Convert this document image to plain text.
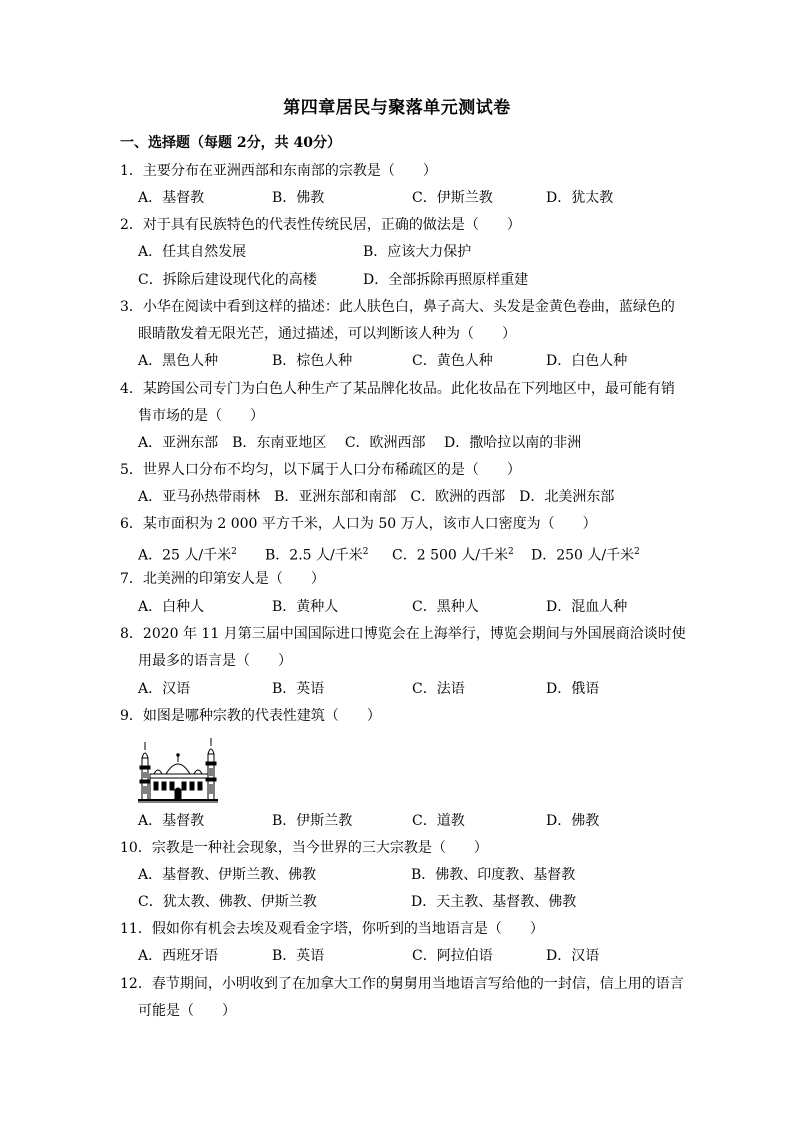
第四章居民与聚落单元测试卷
一、选择题（每题 2分，共 40分）
1．主要分布在亚洲西部和东南部的宗教是（　　）
A．基督教	B．佛教	C．伊斯兰教	D．犹太教
2．对于具有民族特色的代表性传统民居，正确的做法是（　　）
A．任其自然发展	B．应该大力保护
C．拆除后建设现代化的高楼	D．全部拆除再照原样重建
3．小华在阅读中看到这样的描述：此人肤色白，鼻子高大、头发是金黄色卷曲，蓝绿色的
眼睛散发着无限光芒，通过描述，可以判断该人种为（　　）
A．黑色人种	B．棕色人种	C．黄色人种	D．白色人种
4．某跨国公司专门为白色人种生产了某品牌化妆品。此化妆品在下列地区中，最可能有销
售市场的是（　　）
A．亚洲东部　B．东南亚地区　 C．欧洲西部　 D．撒哈拉以南的非洲
5．世界人口分布不均匀，以下属于人口分布稀疏区的是（　　）
A．亚马孙热带雨林　B．亚洲东部和南部　C．欧洲的西部　D．北美洲东部
6．某市面积为 2 000 平方千米，人口为 50 万人，该市人口密度为（　　）
A．25 人/千米$^2$ B．2.5 人/千米$^2$ C．2 500 人/千米$^2$ D．250 人/千米$^2$
7．北美洲的印第安人是（　　）
A．白种人	B．黄种人	C．黑种人	D．混血人种
8．2020 年 11 月第三届中国国际进口博览会在上海举行，博览会期间与外国展商洽谈时使
用最多的语言是（　　）
A．汉语	B．英语	C．法语	D．俄语
9．如图是哪种宗教的代表性建筑（　　）
A．基督教	B．伊斯兰教	C．道教	D．佛教
10．宗教是一种社会现象，当今世界的三大宗教是（　　）
A．基督教、伊斯兰教、佛教	B．佛教、印度教、基督教
C．犹太教、佛教、伊斯兰教	D．天主教、基督教、佛教
11．假如你有机会去埃及观看金字塔，你听到的当地语言是（　　）
A．西班牙语	B．英语	C．阿拉伯语	D．汉语
12．春节期间，小明收到了在加拿大工作的舅舅用当地语言写给他的一封信，信上用的语言
可能是（　　）
